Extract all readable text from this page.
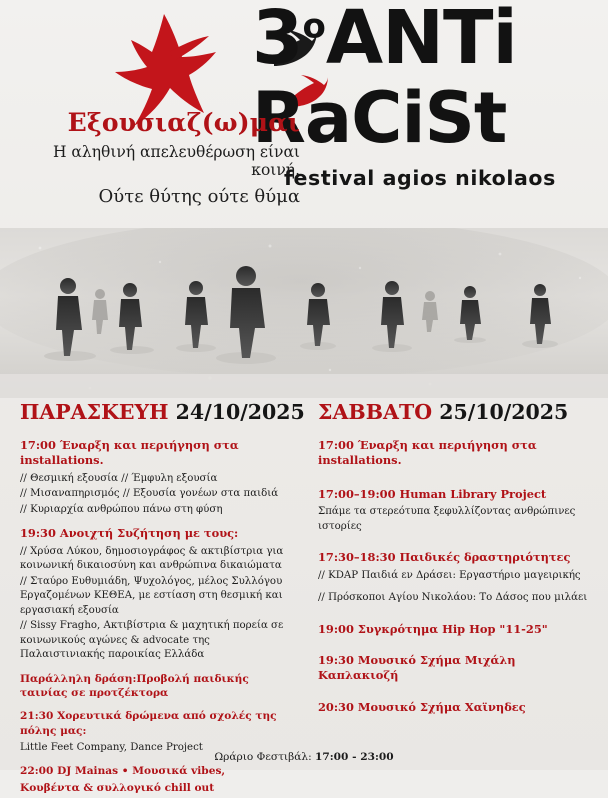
3$^o$ANTi
RaCiSt
festival agios nikolaos
Εξουσιαζ(ω)μαι
Η αληθινή απελευθέρωση είναι κοινή.
Ούτε θύτης ούτε θύμα
ΠΑΡΑΣΚΕΥΗ 24/10/2025
17:00 Έναρξη και περιήγηση στα installations.
// Θεσμική εξουσία // Έμφυλη εξουσία
// Μισαναπηρισμός // Εξουσία γονέων στα παιδιά
// Κυριαρχία ανθρώπου πάνω στη φύση
19:30 Ανοιχτή Συζήτηση με τους:
// Χρύσα Λύκου, δημοσιογράφος & ακτιβίστρια για κοινωνική δικαιοσύνη και ανθρώπινα δικαιώματα
// Σταύρο Ευθυμιάδη, Ψυχολόγος, μέλος Συλλόγου Εργαζομένων ΚΕΘΕΑ, με εστίαση στη θεσμική και εργασιακή εξουσία
// Sissy Fragho, Ακτιβίστρια & μαχητική πορεία σε κοινωνικούς αγώνες & advocate της Παλαιστινιακής παροικίας Ελλάδα
Παράλληλη δράση:Προβολή παιδικής ταινίας σε προτζέκτορα
21:30 Χορευτικά δρώμενα από σχολές της πόλης μας:
Little Feet Company, Dance Project
22:00 DJ Mainas • Μουσικά vibes,
Κουβέντα & συλλογικό chill out
ΣΑΒΒΑΤΟ 25/10/2025
17:00 Έναρξη και περιήγηση στα installations.
17:00–19:00 Human Library Project
Σπάμε τα στερεότυπα ξεφυλλίζοντας ανθρώπινες ιστορίες
17:30–18:30 Παιδικές δραστηριότητες
// KDAP Παιδιά εν Δράσει: Εργαστήριο μαγειρικής
// Πρόσκοποι Αγίου Νικολάου: Το Δάσος που μιλάει
19:00 Συγκρότημα Hip Hop "11-25"
19:30 Μουσικό Σχήμα Μιχάλη Καπλακιοζή
20:30 Μουσικό Σχήμα Χαϊνηδες
Ωράριο Φεστιβάλ: 17:00 - 23:00
